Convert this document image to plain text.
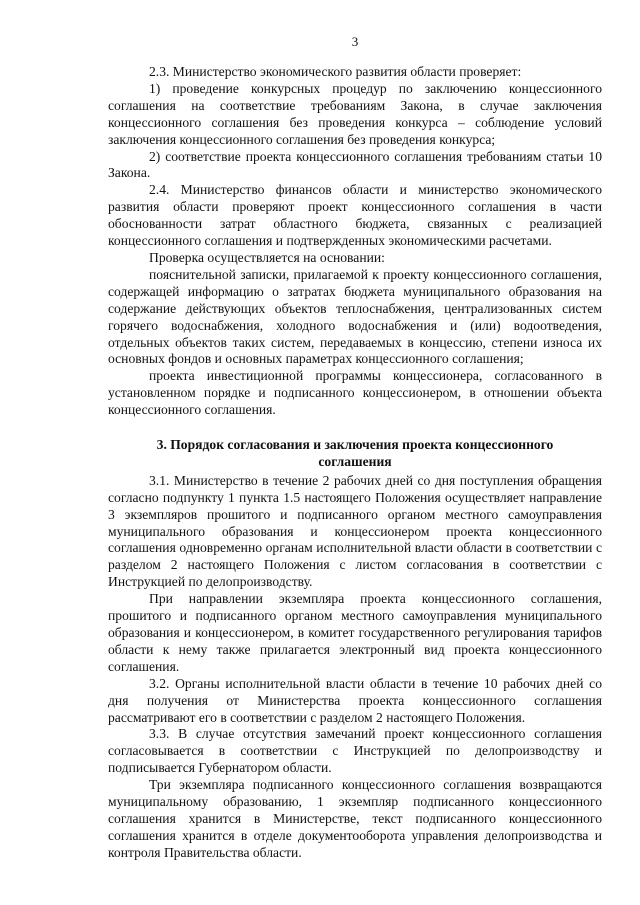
3

2.3. Министерство экономического развития области проверяет:

1) проведение конкурсных процедур по заключению концессионного соглашения на соответствие требованиям Закона, в случае заключения концессионного соглашения без проведения конкурса – соблюдение условий заключения концессионного соглашения без проведения конкурса;

2) соответствие проекта концессионного соглашения требованиям статьи 10 Закона.

2.4. Министерство финансов области и министерство экономического развития области проверяют проект концессионного соглашения в части обоснованности затрат областного бюджета, связанных с реализацией концессионного соглашения и подтвержденных экономическими расчетами.

Проверка осуществляется на основании:

пояснительной записки, прилагаемой к проекту концессионного соглашения, содержащей информацию о затратах бюджета муниципального образования на содержание действующих объектов теплоснабжения, централизованных систем горячего водоснабжения, холодного водоснабжения и (или) водоотведения, отдельных объектов таких систем, передаваемых в концессию, степени износа их основных фондов и основных параметрах концессионного соглашения;

проекта инвестиционной программы концессионера, согласованного в установленном порядке и подписанного концессионером, в отношении объекта концессионного соглашения.

3. Порядок согласования и заключения проекта концессионного соглашения

3.1. Министерство в течение 2 рабочих дней со дня поступления обращения согласно подпункту 1 пункта 1.5 настоящего Положения осуществляет направление 3 экземпляров прошитого и подписанного органом местного самоуправления муниципального образования и концессионером проекта концессионного соглашения одновременно органам исполнительной власти области в соответствии с разделом 2 настоящего Положения с листом согласования в соответствии с Инструкцией по делопроизводству.

При направлении экземпляра проекта концессионного соглашения, прошитого и подписанного органом местного самоуправления муниципального образования и концессионером, в комитет государственного регулирования тарифов области к нему также прилагается электронный вид проекта концессионного соглашения.

3.2. Органы исполнительной власти области в течение 10 рабочих дней со дня получения от Министерства проекта концессионного соглашения рассматривают его в соответствии с разделом 2 настоящего Положения.

3.3. В случае отсутствия замечаний проект концессионного соглашения согласовывается в соответствии с Инструкцией по делопроизводству и подписывается Губернатором области.

Три экземпляра подписанного концессионного соглашения возвращаются муниципальному образованию, 1 экземпляр подписанного концессионного соглашения хранится в Министерстве, текст подписанного концессионного соглашения хранится в отделе документооборота управления делопроизводства и контроля Правительства области.
